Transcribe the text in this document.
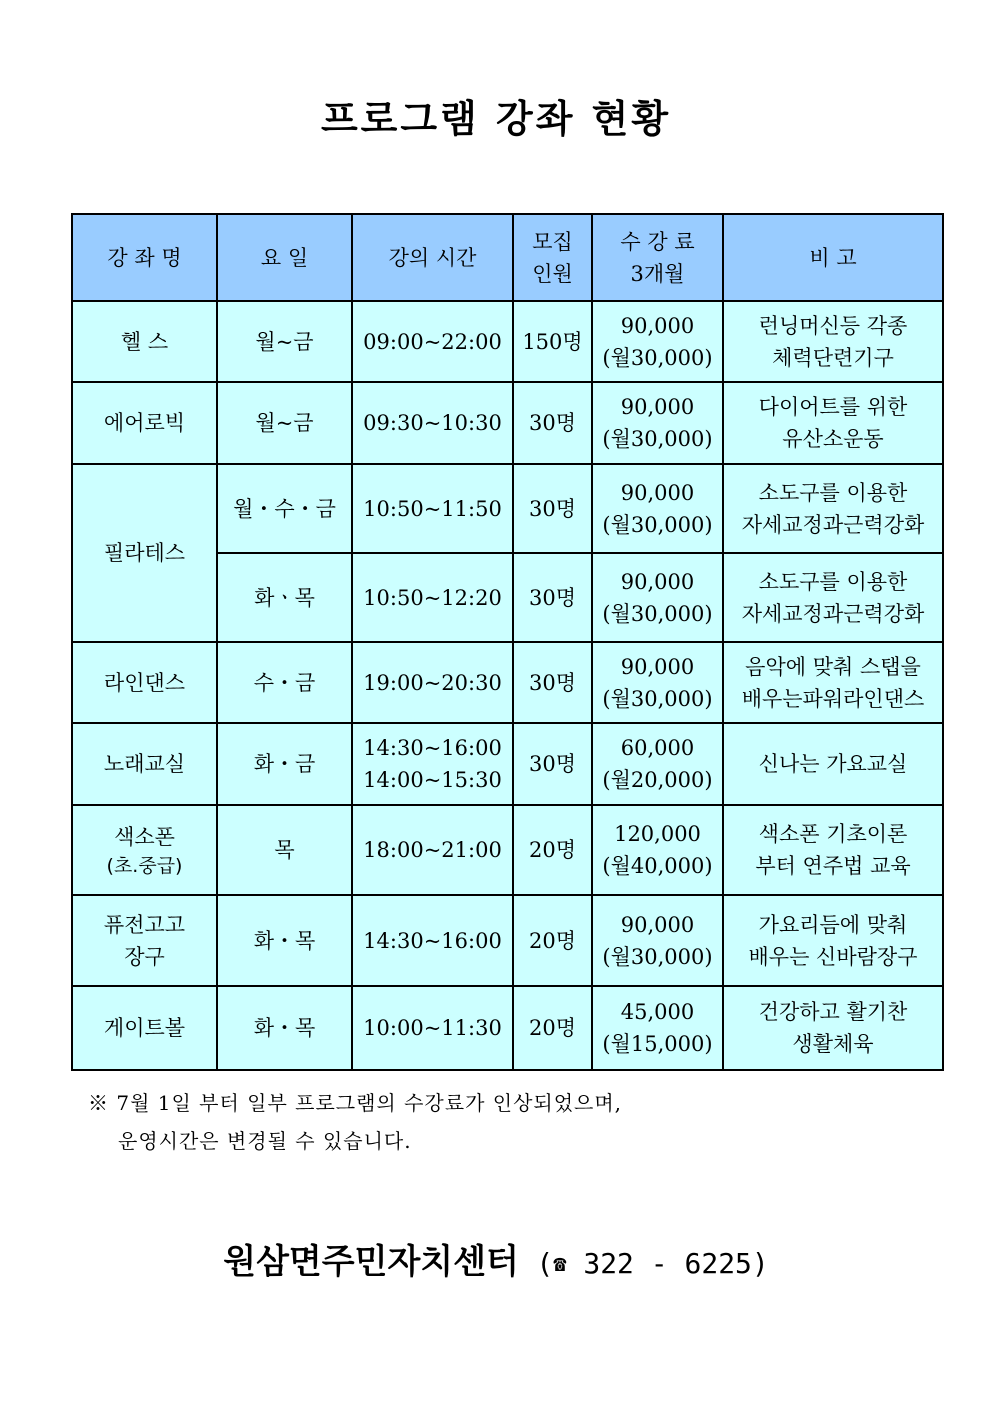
프로그램 강좌 현황
강 좌 명	요 일	강의 시간	모집
인원	수 강 료
3개월	비 고
헬 스	월~금	09:00~22:00	150명	90,000
(월30,000)	런닝머신등 각종
체력단련기구

에어로빅	월~금	09:30~10:30	30명	90,000
(월30,000)	다이어트를 위한
유산소운동

필라테스	월・수・금	10:50~11:50	30명	90,000
(월30,000)	소도구를 이용한
자세교정과근력강화

	화ㆍ목	10:50~12:20	30명	90,000
(월30,000)	소도구를 이용한
자세교정과근력강화

라인댄스	수・금	19:00~20:30	30명	90,000
(월30,000)	음악에 맞춰 스탭을
배우는파워라인댄스

노래교실	화・금	14:30~16:00
14:00~15:30	30명	60,000
(월20,000)	신나는 가요교실

색소폰
(초.중급)	목	18:00~21:00	20명	120,000
(월40,000)	색소폰 기초이론
부터 연주법 교육

퓨전고고
장구	화・목	14:30~16:00	20명	90,000
(월30,000)	가요리듬에 맞춰
배우는 신바람장구

게이트볼	화・목	10:00~11:30	20명	45,000
(월15,000)	건강하고 활기찬
생활체육
※ 7월 1일 부터 일부 프로그램의 수강료가 인상되었으며,
운영시간은 변경될 수 있습니다.
원삼면주민자치센터 (☎ 322 - 6225)
